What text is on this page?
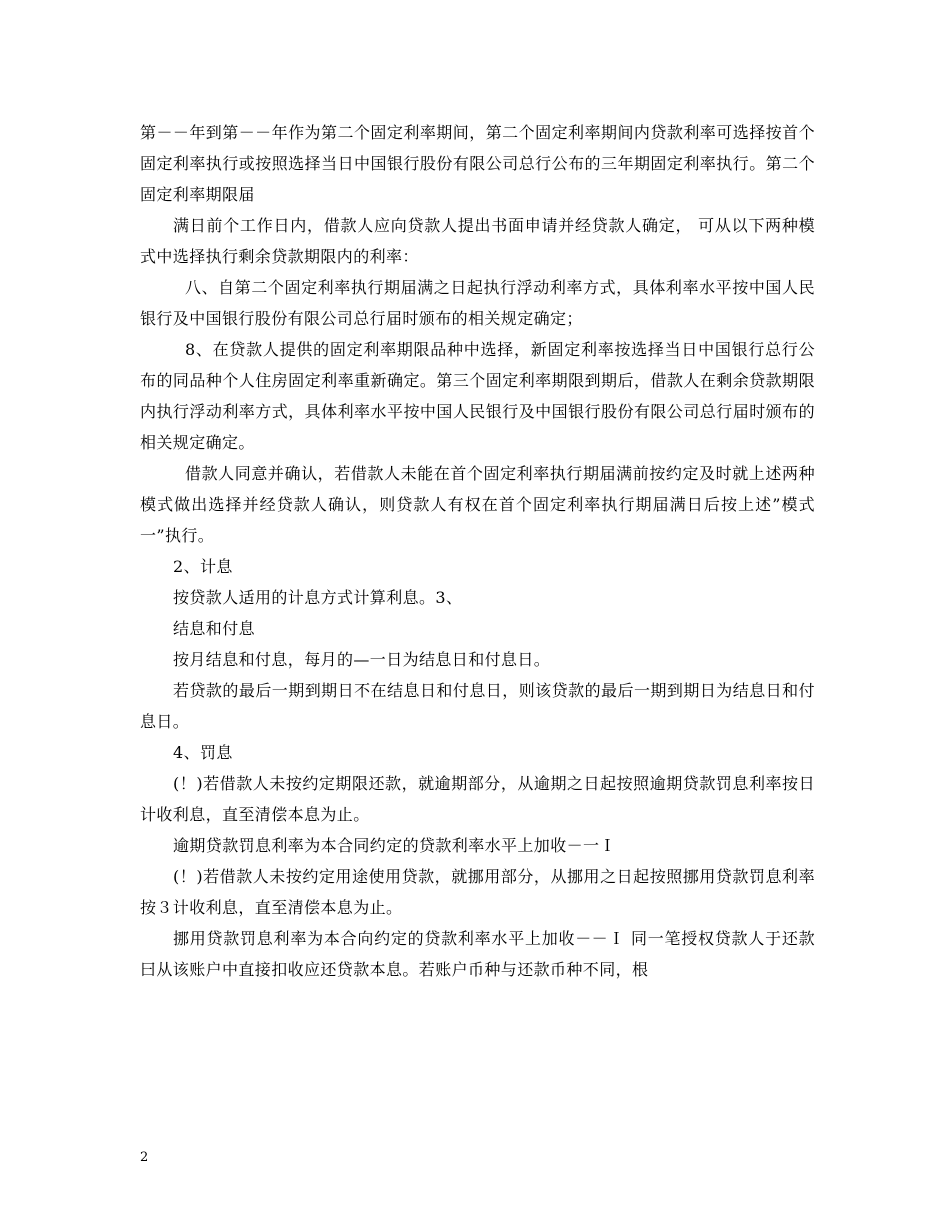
第－－年到第－－年作为第二个固定利率期间，第二个固定利率期间内贷款利率可选择按首个固定利率执行或按照选择当日中国银行股份有限公司总行公布的三年期固定利率执行。第二个固定利率期限届

满日前个工作日内，借款人应向贷款人提出书面申请并经贷款人确定， 可从以下两种模式中选择执行剩余贷款期限内的利率：

八、自第二个固定利率执行期届满之日起执行浮动利率方式，具体利率水平按中国人民银行及中国银行股份有限公司总行届时颁布的相关规定确定；

8、在贷款人提供的固定利率期限品种中选择，新固定利率按选择当日中国银行总行公布的同品种个人住房固定利率重新确定。第三个固定利率期限到期后，借款人在剩余贷款期限内执行浮动利率方式，具体利率水平按中国人民银行及中国银行股份有限公司总行届时颁布的相关规定确定。

借款人同意并确认，若借款人未能在首个固定利率执行期届满前按约定及时就上述两种模式做出选择并经贷款人确认，则贷款人有权在首个固定利率执行期届满日后按上述”模式一”执行。

2、计息

按贷款人适用的计息方式计算利息。3、

结息和付息

按月结息和付息，每月的—一日为结息日和付息日。

若贷款的最后一期到期日不在结息日和付息日，则该贷款的最后一期到期日为结息日和付息日。

4、罚息

(！)若借款人未按约定期限还款，就逾期部分，从逾期之日起按照逾期贷款罚息利率按日计收利息，直至清偿本息为止。

逾期贷款罚息利率为本合同约定的贷款利率水平上加收－一Ｉ

(！)若借款人未按约定用途使用贷款，就挪用部分，从挪用之日起按照挪用贷款罚息利率按３计收利息，直至清偿本息为止。

挪用贷款罚息利率为本合向约定的贷款利率水平上加收－－Ｉ 同一笔授权贷款人于还款曰从该账户中直接扣收应还贷款本息。若账户币种与还款币种不同，根

2
